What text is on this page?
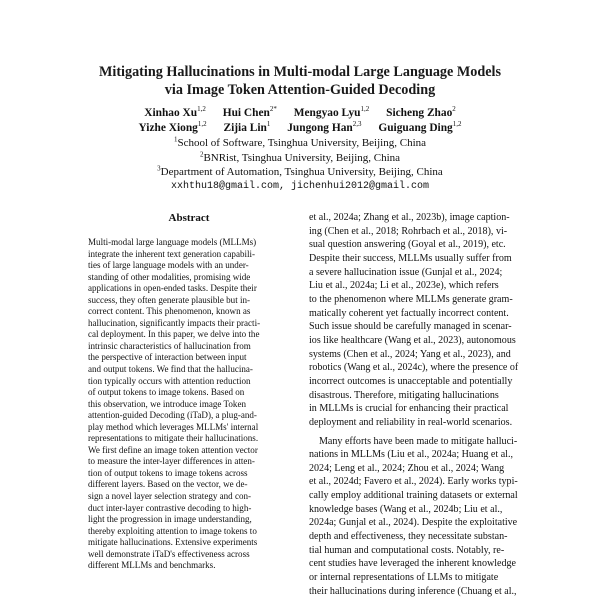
Mitigating Hallucinations in Multi-modal Large Language Models
via Image Token Attention-Guided Decoding
Xinhao Xu$^{1,2}$ Hui Chen$^{2*}$ Mengyao Lyu$^{1,2}$ Sicheng Zhao$^2$
Yizhe Xiong$^{1,2}$ Zijia Lin$^1$ Jungong Han$^{2,3}$ Guiguang Ding$^{1,2}$
$^1$School of Software, Tsinghua University, Beijing, China
$^2$BNRist, Tsinghua University, Beijing, China
$^3$Department of Automation, Tsinghua University, Beijing, China
xxhthu18@gmail.com, jichenhui2012@gmail.com
Abstract
Multi-modal large language models (MLLMs)
integrate the inherent text generation capabili-
ties of large language models with an under-
standing of other modalities, promising wide
applications in open-ended tasks. Despite their
success, they often generate plausible but in-
correct content. This phenomenon, known as
hallucination, significantly impacts their practi-
cal deployment. In this paper, we delve into the
intrinsic characteristics of hallucination from
the perspective of interaction between input
and output tokens. We find that the hallucina-
tion typically occurs with attention reduction
of output tokens to image tokens. Based on
this observation, we introduce image Token
attention-guided Decoding (iTaD), a plug-and-
play method which leverages MLLMs' internal
representations to mitigate their hallucinations.
We first define an image token attention vector
to measure the inter-layer differences in atten-
tion of output tokens to image tokens across
different layers. Based on the vector, we de-
sign a novel layer selection strategy and con-
duct inter-layer contrastive decoding to high-
light the progression in image understanding,
thereby exploiting attention to image tokens to
mitigate hallucinations. Extensive experiments
well demonstrate iTaD's effectiveness across
different MLLMs and benchmarks.
et al., 2024a; Zhang et al., 2023b), image caption-
ing (Chen et al., 2018; Rohrbach et al., 2018), vi-
sual question answering (Goyal et al., 2019), etc.
Despite their success, MLLMs usually suffer from
a severe hallucination issue (Gunjal et al., 2024;
Liu et al., 2024a; Li et al., 2023e), which refers
to the phenomenon where MLLMs generate gram-
matically coherent yet factually incorrect content.
Such issue should be carefully managed in scenar-
ios like healthcare (Wang et al., 2023), autonomous
systems (Chen et al., 2024; Yang et al., 2023), and
robotics (Wang et al., 2024c), where the presence of
incorrect outcomes is unacceptable and potentially
disastrous. Therefore, mitigating hallucinations
in MLLMs is crucial for enhancing their practical
deployment and reliability in real-world scenarios.
Many efforts have been made to mitigate halluci-
nations in MLLMs (Liu et al., 2024a; Huang et al.,
2024; Leng et al., 2024; Zhou et al., 2024; Wang
et al., 2024d; Favero et al., 2024). Early works typi-
cally employ additional training datasets or external
knowledge bases (Wang et al., 2024b; Liu et al.,
2024a; Gunjal et al., 2024). Despite the exploitative
depth and effectiveness, they necessitate substan-
tial human and computational costs. Notably, re-
cent studies have leveraged the inherent knowledge
or internal representations of LLMs to mitigate
their hallucinations during inference (Chuang et al.,
